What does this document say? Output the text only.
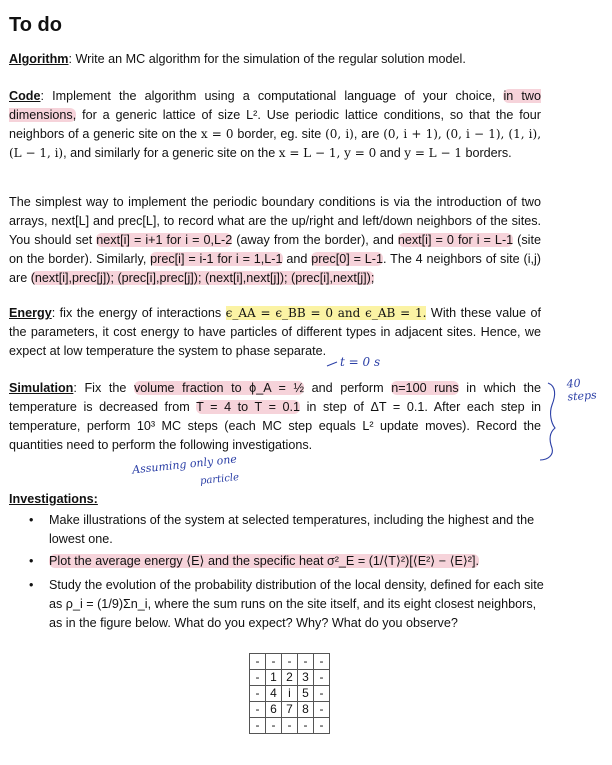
To do
Algorithm: Write an MC algorithm for the simulation of the regular solution model.
Code: Implement the algorithm using a computational language of your choice, in two dimensions, for a generic lattice of size L². Use periodic lattice conditions, so that the four neighbors of a generic site on the x = 0 border, eg. site (0, i), are (0, i + 1), (0, i − 1), (1, i), (L − 1, i), and similarly for a generic site on the x = L − 1, y = 0 and y = L − 1 borders.
The simplest way to implement the periodic boundary conditions is via the introduction of two arrays, next[L] and prec[L], to record what are the up/right and left/down neighbors of the sites. You should set next[i] = i+1 for i = 0,L-2 (away from the border), and next[i] = 0 for i = L-1 (site on the border). Similarly, prec[i] = i-1 for i = 1,L-1 and prec[0] = L-1. The 4 neighbors of site (i,j) are (next[i],prec[j]); (prec[i],prec[j]); (next[i],next[j]); (prec[i],next[j]);
Energy: fix the energy of interactions ϵ_AA = ϵ_BB = 0 and ϵ_AB = 1. With these value of the parameters, it cost energy to have particles of different types in adjacent sites. Hence, we expect at low temperature the system to phase separate.
Simulation: Fix the volume fraction to ϕ_A = ½ and perform n=100 runs in which the temperature is decreased from T = 4 to T = 0.1 in step of ΔT = 0.1. After each step in temperature, perform 10³ MC steps (each MC step equals L² update moves). Record the quantities need to perform the following investigations.
Investigations:
• Make illustrations of the system at selected temperatures, including the highest and the lowest one.
• Plot the average energy ⟨E⟩ and the specific heat σ²_E = (1/⟨T⟩²)[⟨E²⟩ − ⟨E⟩²].
• Study the evolution of the probability distribution of the local density, defined for each site as ρ_i = (1/9)Σn_i, where the sum runs on the site itself, and its eight closest neighbors, as in the figure below. What do you expect? Why? What do you observe?
-	-	-	-	-
-	1	2	3	-
-	4	i	5	-
-	6	7	8	-
-	-	-	-	-
t = 0 s
40 steps
Assuming only one
particle
